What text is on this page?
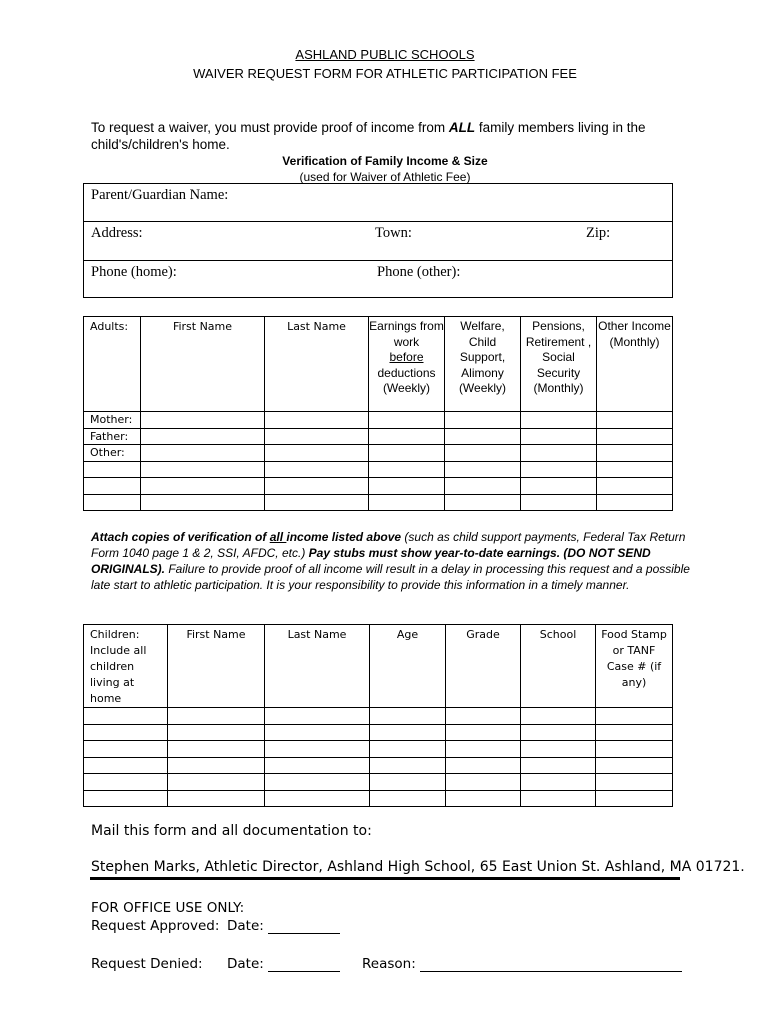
ASHLAND PUBLIC SCHOOLS
WAIVER REQUEST FORM FOR ATHLETIC PARTICIPATION FEE
To request a waiver, you must provide proof of income from ALL family members living in the child's/children's home.
Verification of Family Income & Size
(used for Waiver of Athletic Fee)
Parent/Guardian Name:
Address:	Town:	Zip:
Phone (home):	Phone (other):
Adults:	First Name	Last Name	Earnings from work
before
deductions (Weekly)	Welfare, Child Support, Alimony (Weekly)	Pensions, Retirement , Social Security (Monthly)	Other Income (Monthly)
Mother:						
Father:						
Other:						

Attach copies of verification of all income listed above (such as child support payments, Federal Tax Return Form 1040 page 1 & 2, SSI, AFDC, etc.) Pay stubs must show year-to-date earnings. (DO NOT SEND ORIGINALS). Failure to provide proof of all income will result in a delay in processing this request and a possible late start to athletic participation. It is your responsibility to provide this information in a timely manner.
Children: Include all children living at home	First Name	Last Name	Age	Grade	School	Food Stamp or TANF Case # (if any)

Mail this form and all documentation to:
Stephen Marks, Athletic Director, Ashland High School, 65 East Union St. Ashland, MA 01721.
FOR OFFICE USE ONLY:
Request Approved: Date:
Request Denied: Date:	Reason:
